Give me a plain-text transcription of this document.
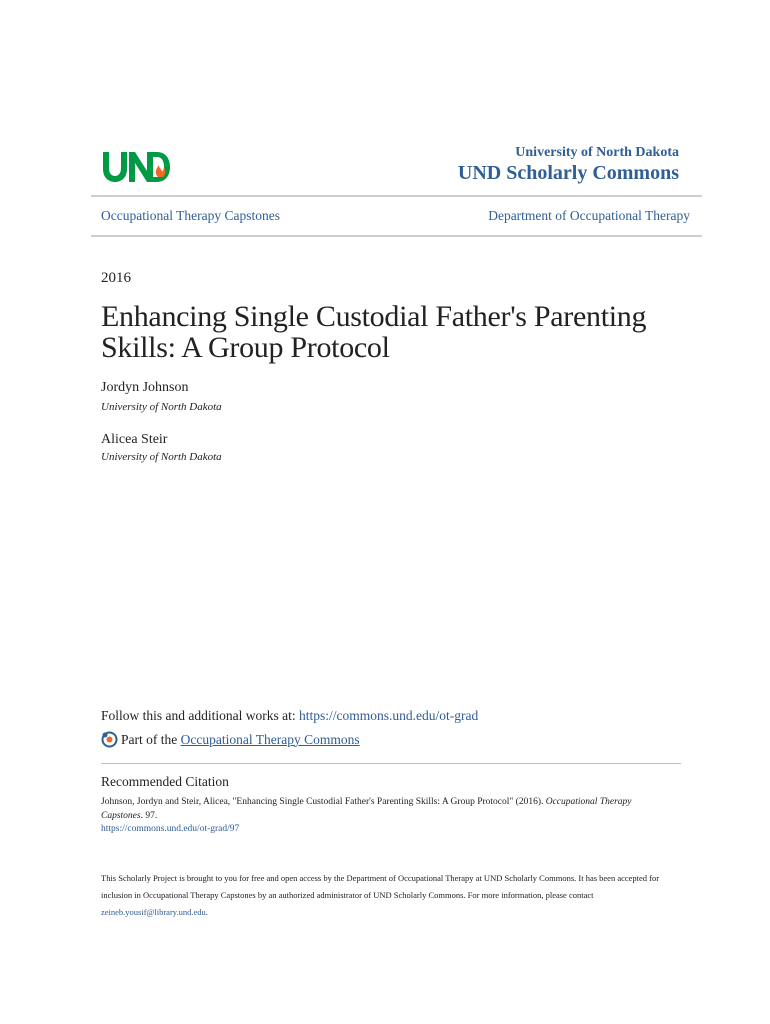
University of North Dakota
UND Scholarly Commons
Occupational Therapy Capstones	Department of Occupational Therapy
2016
Enhancing Single Custodial Father's Parenting Skills: A Group Protocol
Jordyn Johnson
University of North Dakota
Alicea Steir
University of North Dakota
Follow this and additional works at: https://commons.und.edu/ot-grad
Part of the
Occupational Therapy Commons
Recommended Citation
Johnson, Jordyn and Steir, Alicea, "Enhancing Single Custodial Father's Parenting Skills: A Group Protocol" (2016). Occupational Therapy Capstones. 97.
https://commons.und.edu/ot-grad/97
This Scholarly Project is brought to you for free and open access by the Department of Occupational Therapy at UND Scholarly Commons. It has been accepted for inclusion in Occupational Therapy Capstones by an authorized administrator of UND Scholarly Commons. For more information, please contact zeineb.yousif@library.und.edu.
